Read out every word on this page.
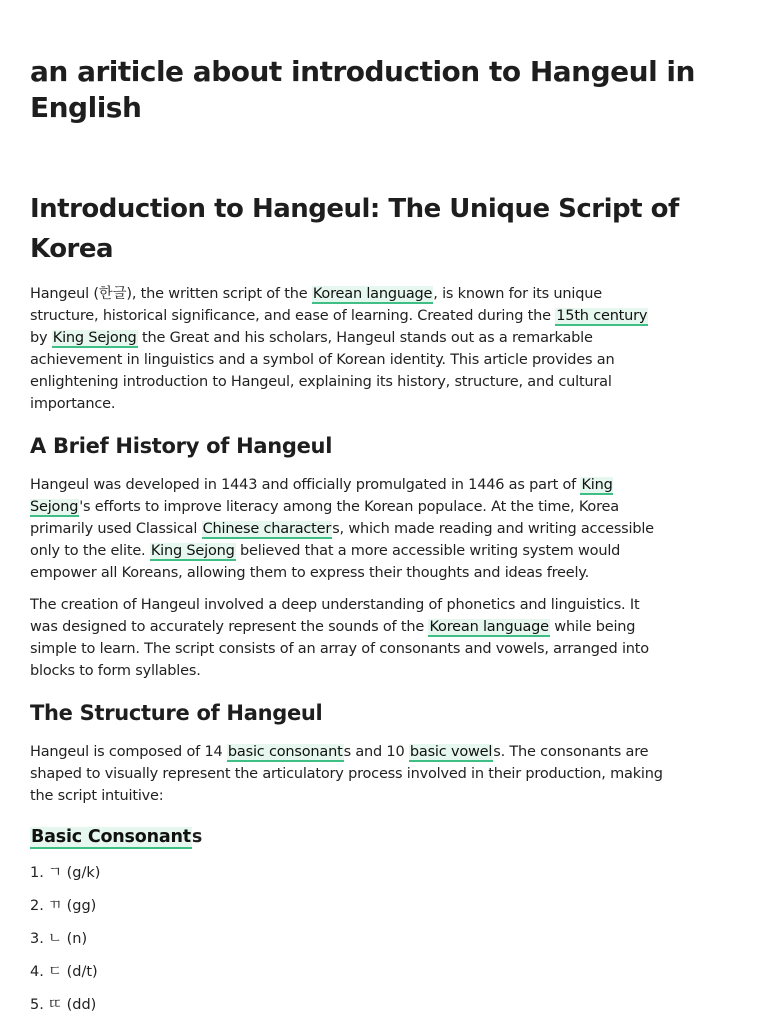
an ariticle about introduction to Hangeul in English
Introduction to Hangeul: The Unique Script of Korea

Hangeul (한글), the written script of the Korean language, is known for its unique structure, historical significance, and ease of learning. Created during the 15th century by King Sejong the Great and his scholars, Hangeul stands out as a remarkable achievement in linguistics and a symbol of Korean identity. This article provides an enlightening introduction to Hangeul, explaining its history, structure, and cultural importance.

A Brief History of Hangeul

Hangeul was developed in 1443 and officially promulgated in 1446 as part of King Sejong's efforts to improve literacy among the Korean populace. At the time, Korea primarily used Classical Chinese characters, which made reading and writing accessible only to the elite. King Sejong believed that a more accessible writing system would empower all Koreans, allowing them to express their thoughts and ideas freely.

The creation of Hangeul involved a deep understanding of phonetics and linguistics. It was designed to accurately represent the sounds of the Korean language while being simple to learn. The script consists of an array of consonants and vowels, arranged into blocks to form syllables.

The Structure of Hangeul

Hangeul is composed of 14 basic consonants and 10 basic vowels. The consonants are shaped to visually represent the articulatory process involved in their production, making the script intuitive:

Basic Consonants
1. ㄱ (g/k)
2. ㄲ (gg)
3. ㄴ (n)
4. ㄷ (d/t)
5. ㄸ (dd)
